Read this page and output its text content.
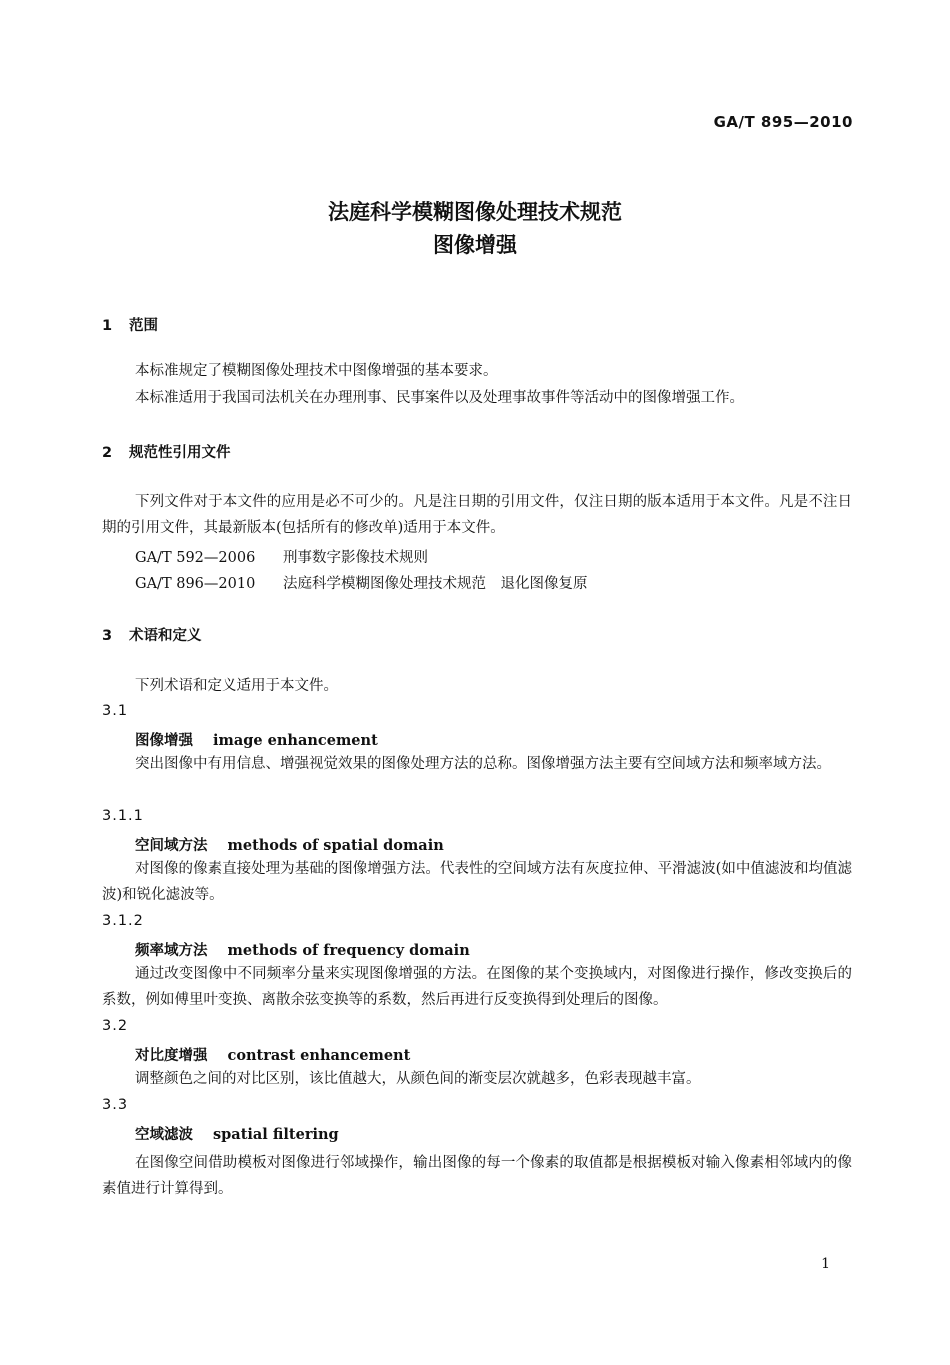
GA/T 895—2010
法庭科学模糊图像处理技术规范
图像增强
1 范围
本标准规定了模糊图像处理技术中图像增强的基本要求。
本标准适用于我国司法机关在办理刑事、民事案件以及处理事故事件等活动中的图像增强工作。
2 规范性引用文件
下列文件对于本文件的应用是必不可少的。凡是注日期的引用文件，仅注日期的版本适用于本文件。凡是不注日期的引用文件，其最新版本(包括所有的修改单)适用于本文件。
GA/T 592—2006 刑事数字影像技术规则
GA/T 896—2010 法庭科学模糊图像处理技术规范　退化图像复原
3 术语和定义
下列术语和定义适用于本文件。
3.1
图像增强 image enhancement
突出图像中有用信息、增强视觉效果的图像处理方法的总称。图像增强方法主要有空间域方法和频率域方法。
3.1.1
空间域方法 methods of spatial domain
对图像的像素直接处理为基础的图像增强方法。代表性的空间域方法有灰度拉伸、平滑滤波(如中值滤波和均值滤波)和锐化滤波等。
3.1.2
频率域方法 methods of frequency domain
通过改变图像中不同频率分量来实现图像增强的方法。在图像的某个变换域内，对图像进行操作，修改变换后的系数，例如傅里叶变换、离散余弦变换等的系数，然后再进行反变换得到处理后的图像。
3.2
对比度增强 contrast enhancement
调整颜色之间的对比区别，该比值越大，从颜色间的渐变层次就越多，色彩表现越丰富。
3.3
空域滤波 spatial filtering
在图像空间借助模板对图像进行邻域操作，输出图像的每一个像素的取值都是根据模板对输入像素相邻域内的像素值进行计算得到。
1
